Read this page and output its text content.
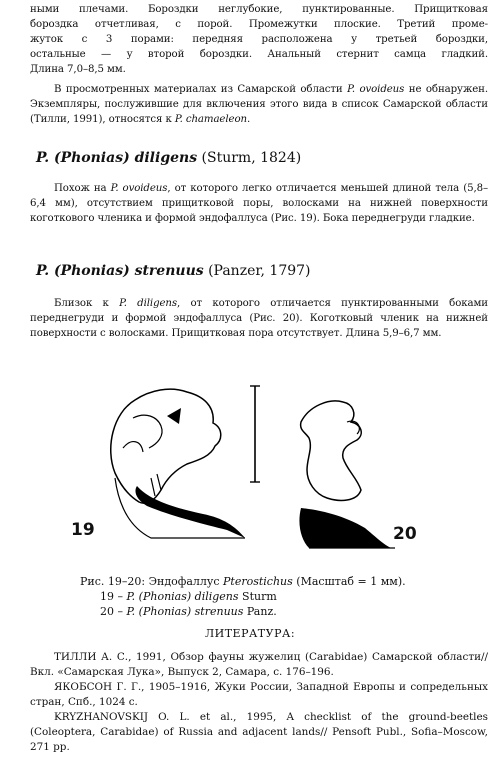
ными плечами. Бороздки неглубокие, пунктированные. Прищитковая

бороздка отчетливая, с порой. Промежутки плоские. Третий проме-

жуток с 3 порами: передняя расположена у третьей бороздки,

остальные — у второй бороздки. Анальный стернит самца гладкий.

Длина 7,0–8,5 мм.

В просмотренных материалах из Самарской области P. ovoideus не обнаружен. Экземпляры, послужившие для включения этого вида в список Самарской области (Тилли, 1991), относятся к P. chamaeleon.

P. (Phonias) diligens (Sturm, 1824)

Похож на P. ovoideus, от которого легко отличается меньшей длиной тела (5,8–6,4 мм), отсутствием прищитковой поры, волосками на нижней поверхности коготкового членика и формой эндофаллуса (Рис. 19). Бока переднегруди гладкие.

P. (Phonias) strenuus (Panzer, 1797)

Близок к P. diligens, от которого отличается пунктированными боками переднегруди и формой эндофаллуса (Рис. 20). Коготковый членик на нижней поверхности с волосками. Прищитковая пора отсутствует. Длина 5,9–6,7 мм.

19	20

Рис. 19–20: Эндофаллус Pterostichus (Масштаб = 1 мм).

19 – P. (Phonias) diligens Sturm

20 – P. (Phonias) strenuus Panz.

ЛИТЕРАТУРА:

ТИЛЛИ А. С., 1991, Обзор фауны жужелиц (Carabidae) Самарской области// Вкл. «Самарская Лука», Выпуск 2, Самара, с. 176–196.

ЯКОБСОН Г. Г., 1905–1916, Жуки России, Западной Европы и сопредельных стран, Спб., 1024 с.

KRYZHANOVSKIJ O. L. et al., 1995, A checklist of the ground-beetles (Coleoptera, Carabidae) of Russia and adjacent lands// Pensoft Publ., Sofia–Moscow, 271 pp.
